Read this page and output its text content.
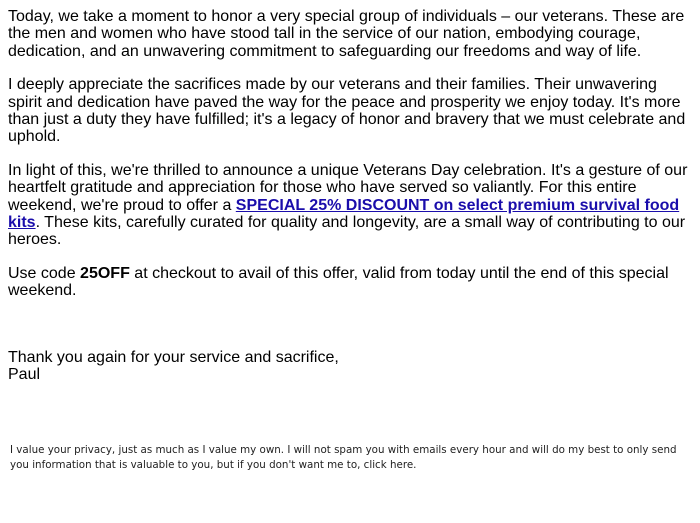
Today, we take a moment to honor a very special group of individuals – our veterans. These are the men and women who have stood tall in the service of our nation, embodying courage, dedication, and an unwavering commitment to safeguarding our freedoms and way of life.

I deeply appreciate the sacrifices made by our veterans and their families. Their unwavering spirit and dedication have paved the way for the peace and prosperity we enjoy today. It's more than just a duty they have fulfilled; it's a legacy of honor and bravery that we must celebrate and uphold.

In light of this, we're thrilled to announce a unique Veterans Day celebration. It's a gesture of our heartfelt gratitude and appreciation for those who have served so valiantly. For this entire weekend, we're proud to offer a SPECIAL 25% DISCOUNT on select premium survival food kits. These kits, carefully curated for quality and longevity, are a small way of contributing to our heroes.

Use code 25OFF at checkout to avail of this offer, valid from today until the end of this special weekend.

Thank you again for your service and sacrifice,

Paul

I value your privacy, just as much as I value my own. I will not spam you with emails every hour and will do my best to only send you information that is valuable to you, but if you don't want me to, click here.
